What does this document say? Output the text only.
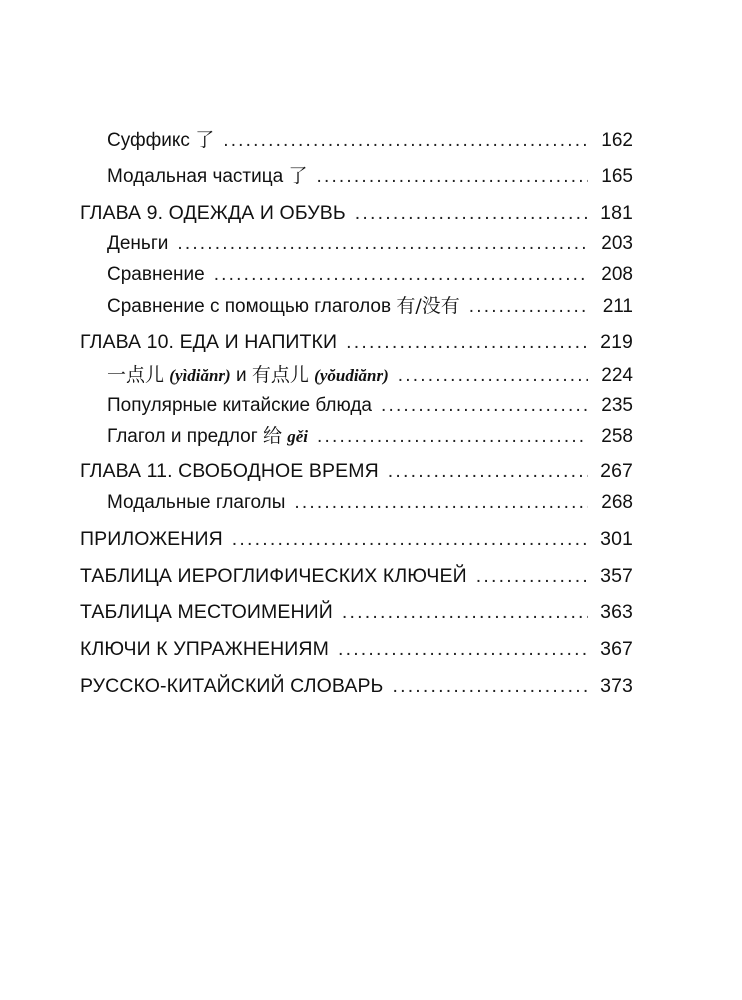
Суффикс 了 .....	162
Модальная частица 了 .....	165
ГЛАВА 9. ОДЕЖДА И ОБУВЬ .....	181
Деньги .....	203
Сравнение .....	208
Сравнение с помощью глаголов 有/没有 .....	211
ГЛАВА 10. ЕДА И НАПИТКИ .....	219
一点儿 (yìdiănr) и 有点儿 (yŏudiănr) .....	224
Популярные китайские блюда .....	235
Глагол и предлог 给 gěi .....	258
ГЛАВА 11. СВОБОДНОЕ ВРЕМЯ .....	267
Модальные глаголы .....	268
ПРИЛОЖЕНИЯ .....	301
ТАБЛИЦА ИЕРОГЛИФИЧЕСКИХ КЛЮЧЕЙ .....	357
ТАБЛИЦА МЕСТОИМЕНИЙ .....	363
КЛЮЧИ К УПРАЖНЕНИЯМ .....	367
РУССКО-КИТАЙСКИЙ СЛОВАРЬ .....	373
